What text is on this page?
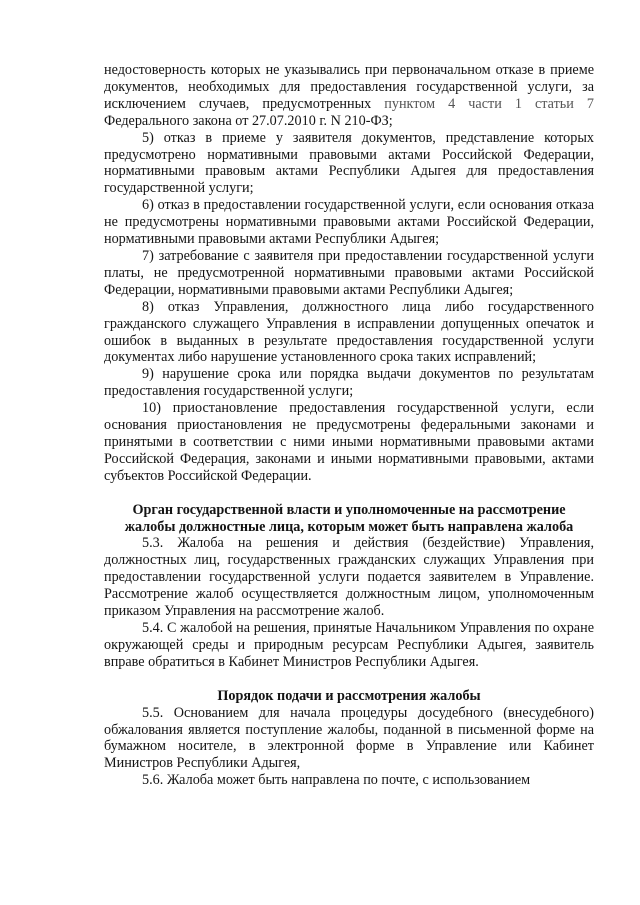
недостоверность которых не указывались при первоначальном отказе в приеме документов, необходимых для предоставления государственной услуги, за исключением случаев, предусмотренных пунктом 4 части 1 статьи 7 Федерального закона от 27.07.2010 г. N 210-ФЗ;

5) отказ в приеме у заявителя документов, представление которых предусмотрено нормативными правовыми актами Российской Федерации, нормативными правовым актами Республики Адыгея для предоставления государственной услуги;

6) отказ в предоставлении государственной услуги, если основания отказа не предусмотрены нормативными правовыми актами Российской Федерации, нормативными правовыми актами Республики Адыгея;

7) затребование с заявителя при предоставлении государственной услуги платы, не предусмотренной нормативными правовыми актами Российской Федерации, нормативными правовыми актами Республики Адыгея;

8) отказ Управления, должностного лица либо государственного гражданского служащего Управления в исправлении допущенных опечаток и ошибок в выданных в результате предоставления государственной услуги документах либо нарушение установленного срока таких исправлений;

9) нарушение срока или порядка выдачи документов по результатам предоставления государственной услуги;

10) приостановление предоставления государственной услуги, если основания приостановления не предусмотрены федеральными законами и принятыми в соответствии с ними иными нормативными правовыми актами Российской Федерация, законами и иными нормативными правовыми, актами субъектов Российской Федерации.

Орган государственной власти и уполномоченные на рассмотрение

жалобы должностные лица, которым может быть направлена жалоба

5.3. Жалоба на решения и действия (бездействие) Управления, должностных лиц, государственных гражданских служащих Управления при предоставлении государственной услуги подается заявителем в Управление. Рассмотрение жалоб осуществляется должностным лицом, уполномоченным приказом Управления на рассмотрение жалоб.

5.4. С жалобой на решения, принятые Начальником Управления по охране окружающей среды и природным ресурсам Республики Адыгея, заявитель вправе обратиться в Кабинет Министров Республики Адыгея.

Порядок подачи и рассмотрения жалобы

5.5. Основанием для начала процедуры досудебного (внесудебного) обжалования является поступление жалобы, поданной в письменной форме на бумажном носителе, в электронной форме в Управление или Кабинет Министров Республики Адыгея,

5.6. Жалоба может быть направлена по почте, с использованием
